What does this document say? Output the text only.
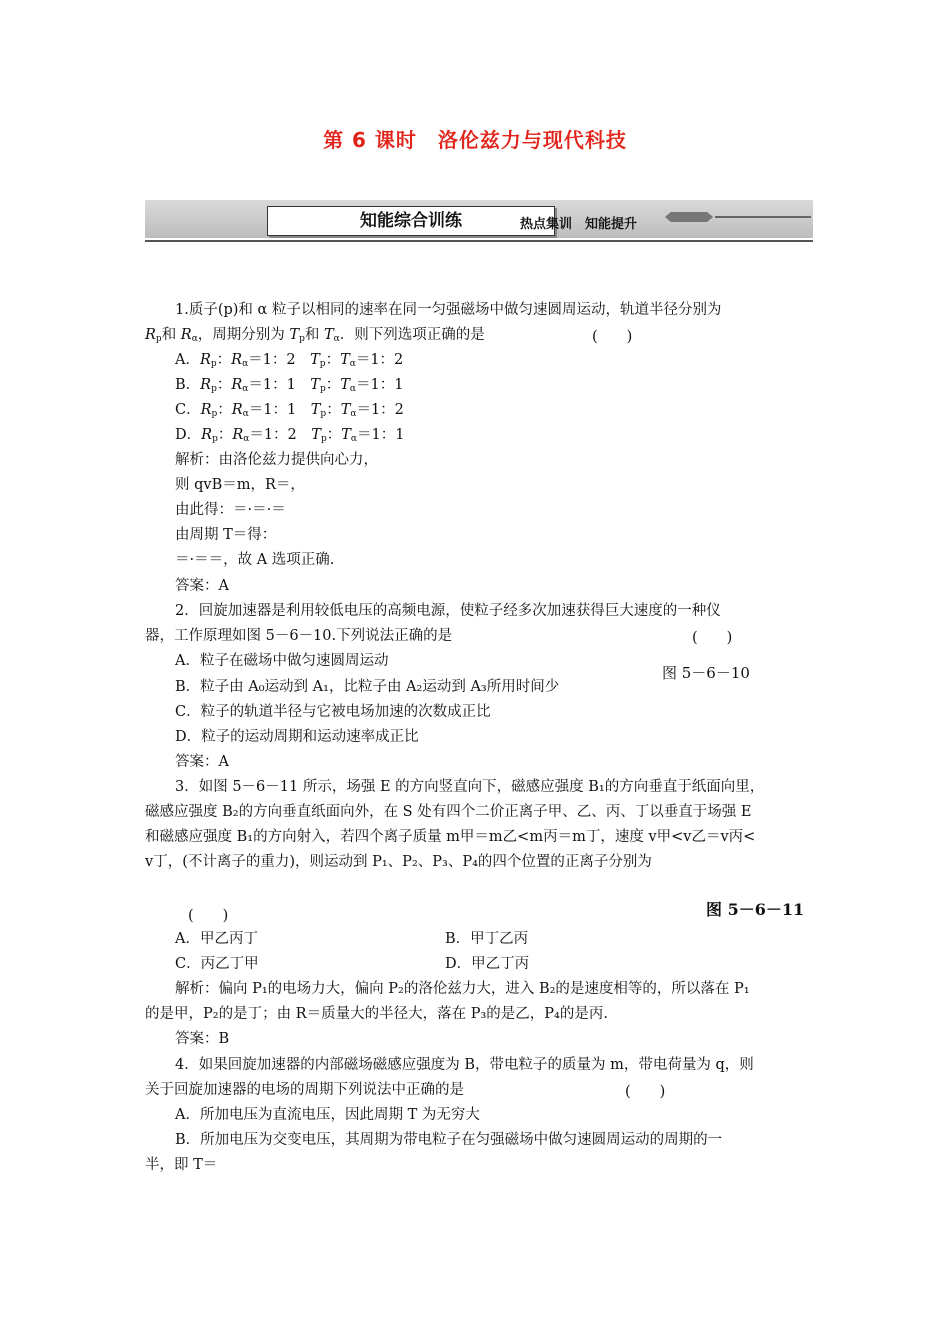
第 6 课时　洛伦兹力与现代科技
知能综合训练	热点集训　知能提升
1.质子(p)和 α 粒子以相同的速率在同一匀强磁场中做匀速圆周运动，轨道半径分别为
$R_p$和 $R_\alpha$，周期分别为 $T_p$和 $T_\alpha$．则下列选项正确的是	(　　)
A．$R_p$：$R_\alpha=1$：2　 $T_p$：$T_\alpha=1$：2
B．$R_p$：$R_\alpha=1$：1　 $T_p$：$T_\alpha=1$：1
C．$R_p$：$R_\alpha=1$：1　 $T_p$：$T_\alpha=1$：2
D．$R_p$：$R_\alpha=1$：2　 $T_p$：$T_\alpha=1$：1
解析：由洛伦兹力提供向心力，
则 qvB＝m，R＝，
由此得：＝·＝·＝
由周期 T＝得：
＝·＝＝，故 A 选项正确.
答案：A
2．回旋加速器是利用较低电压的高频电源，使粒子经多次加速获得巨大速度的一种仪
器，工作原理如图 5－6－10.下列说法正确的是	(　　)
A．粒子在磁场中做匀速圆周运动
图 5－6－10
B．粒子由 A₀运动到 A₁，比粒子由 A₂运动到 A₃所用时间少
C．粒子的轨道半径与它被电场加速的次数成正比
D．粒子的运动周期和运动速率成正比
答案：A
3．如图 5－6－11 所示，场强 E 的方向竖直向下，磁感应强度 B₁的方向垂直于纸面向里，
磁感应强度 B₂的方向垂直纸面向外，在 S 处有四个二价正离子甲、乙、丙、丁以垂直于场强 E
和磁感应强度 B₁的方向射入，若四个离子质量 m甲＝m乙<m丙＝m丁，速度 v甲<v乙＝v丙<
v丁，(不计离子的重力)，则运动到 P₁、P₂、P₃、P₄的四个位置的正离子分别为
图 5－6－11
(　　)
A．甲乙丙丁	B．甲丁乙丙
C．丙乙丁甲	D．甲乙丁丙
解析：偏向 P₁的电场力大，偏向 P₂的洛伦兹力大，进入 B₂的是速度相等的，所以落在 P₁
的是甲，P₂的是丁；由 R＝质量大的半径大，落在 P₃的是乙，P₄的是丙.
答案：B
4．如果回旋加速器的内部磁场磁感应强度为 B，带电粒子的质量为 m，带电荷量为 q，则
关于回旋加速器的电场的周期下列说法中正确的是	(　　)
A．所加电压为直流电压，因此周期 T 为无穷大
B．所加电压为交变电压，其周期为带电粒子在匀强磁场中做匀速圆周运动的周期的一
半，即 T＝
